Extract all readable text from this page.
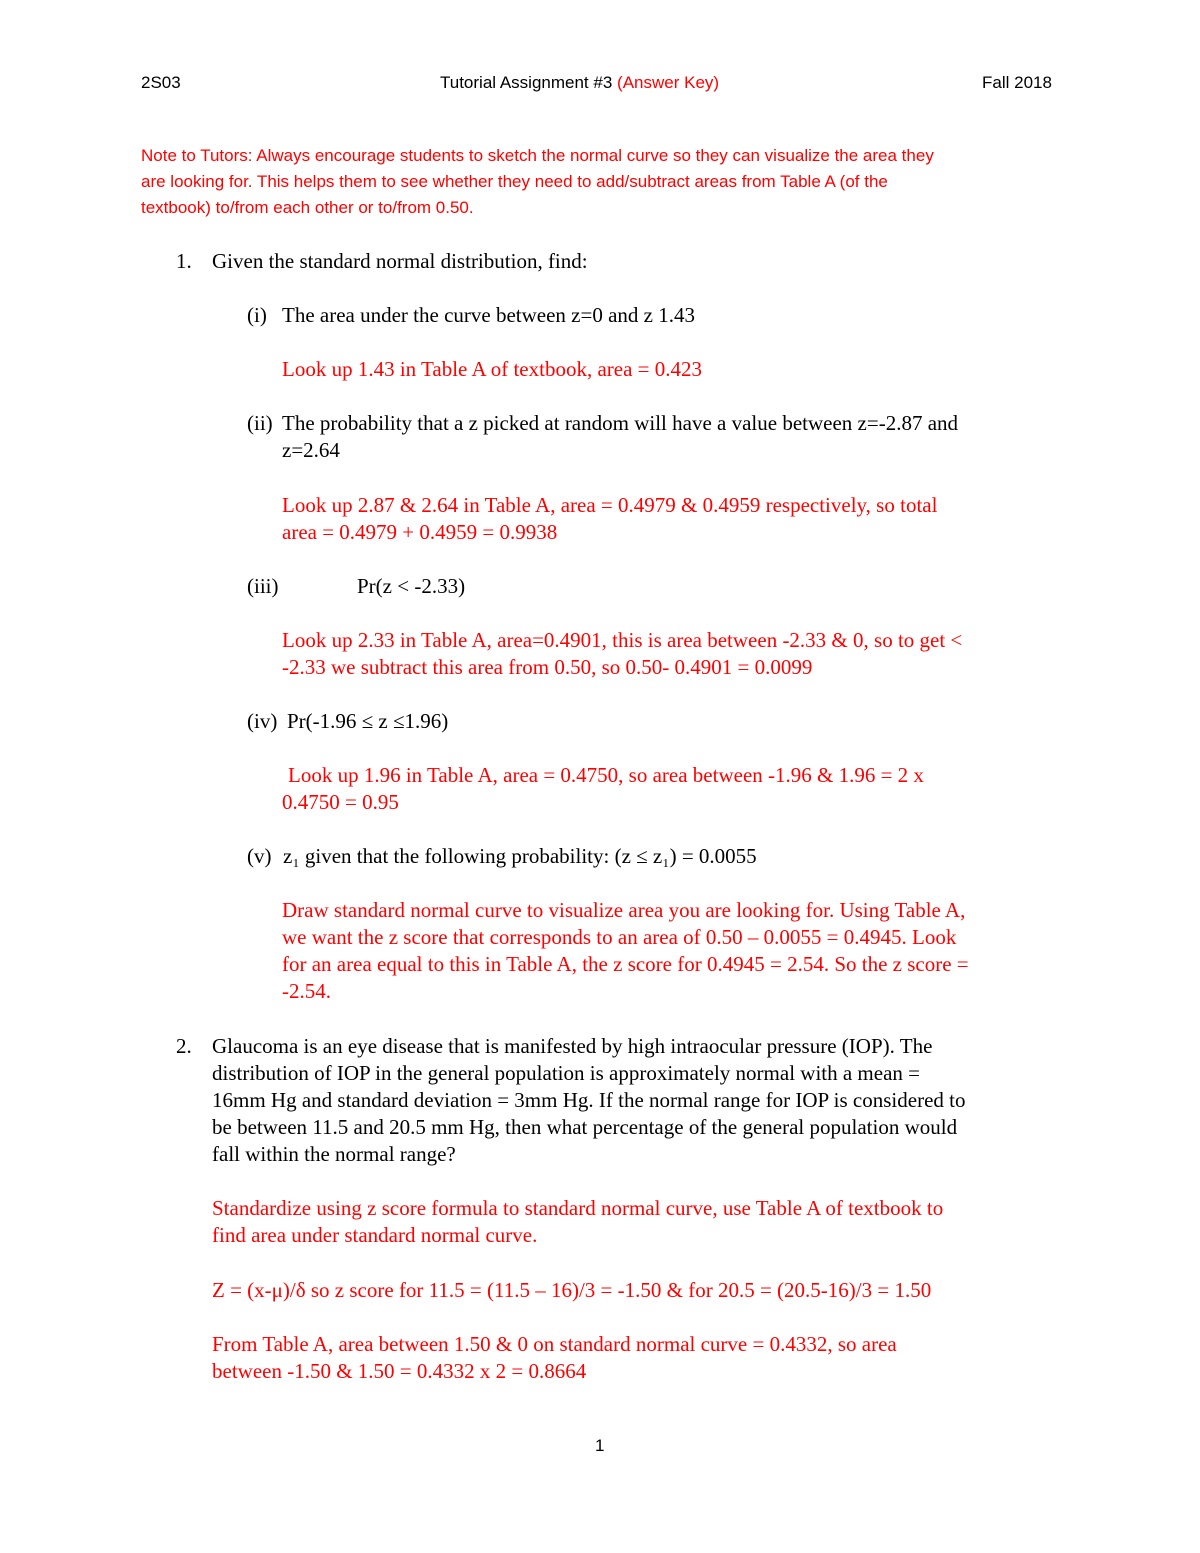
2S03	Tutorial Assignment #3 (Answer Key)	Fall 2018
Note to Tutors: Always encourage students to sketch the normal curve so they can visualize the area they
are looking for. This helps them to see whether they need to add/subtract areas from Table A (of the
textbook) to/from each other or to/from 0.50.
1. Given the standard normal distribution, find:
(i) The area under the curve between z=0 and z 1.43
Look up 1.43 in Table A of textbook, area = 0.423
(ii) The probability that a z picked at random will have a value between z=-2.87 and
z=2.64
Look up 2.87 & 2.64 in Table A, area = 0.4979 & 0.4959 respectively, so total
area = 0.4979 + 0.4959 = 0.9938
(iii)	Pr(z < -2.33)
Look up 2.33 in Table A, area=0.4901, this is area between -2.33 & 0, so to get <
-2.33 we subtract this area from 0.50, so 0.50- 0.4901 = 0.0099
(iv) Pr(-1.96 ≤ z ≤1.96)
Look up 1.96 in Table A, area = 0.4750, so area between -1.96 & 1.96 = 2 x
0.4750 = 0.95
(v) z₁ given that the following probability: (z ≤ z₁) = 0.0055
Draw standard normal curve to visualize area you are looking for. Using Table A,
we want the z score that corresponds to an area of 0.50 – 0.0055 = 0.4945. Look
for an area equal to this in Table A, the z score for 0.4945 = 2.54. So the z score =
-2.54.
2. Glaucoma is an eye disease that is manifested by high intraocular pressure (IOP). The
distribution of IOP in the general population is approximately normal with a mean =
16mm Hg and standard deviation = 3mm Hg. If the normal range for IOP is considered to
be between 11.5 and 20.5 mm Hg, then what percentage of the general population would
fall within the normal range?
Standardize using z score formula to standard normal curve, use Table A of textbook to
find area under standard normal curve.
Z = (x-μ)/δ so z score for 11.5 = (11.5 – 16)/3 = -1.50 & for 20.5 = (20.5-16)/3 = 1.50
From Table A, area between 1.50 & 0 on standard normal curve = 0.4332, so area
between -1.50 & 1.50 = 0.4332 x 2 = 0.8664
1
